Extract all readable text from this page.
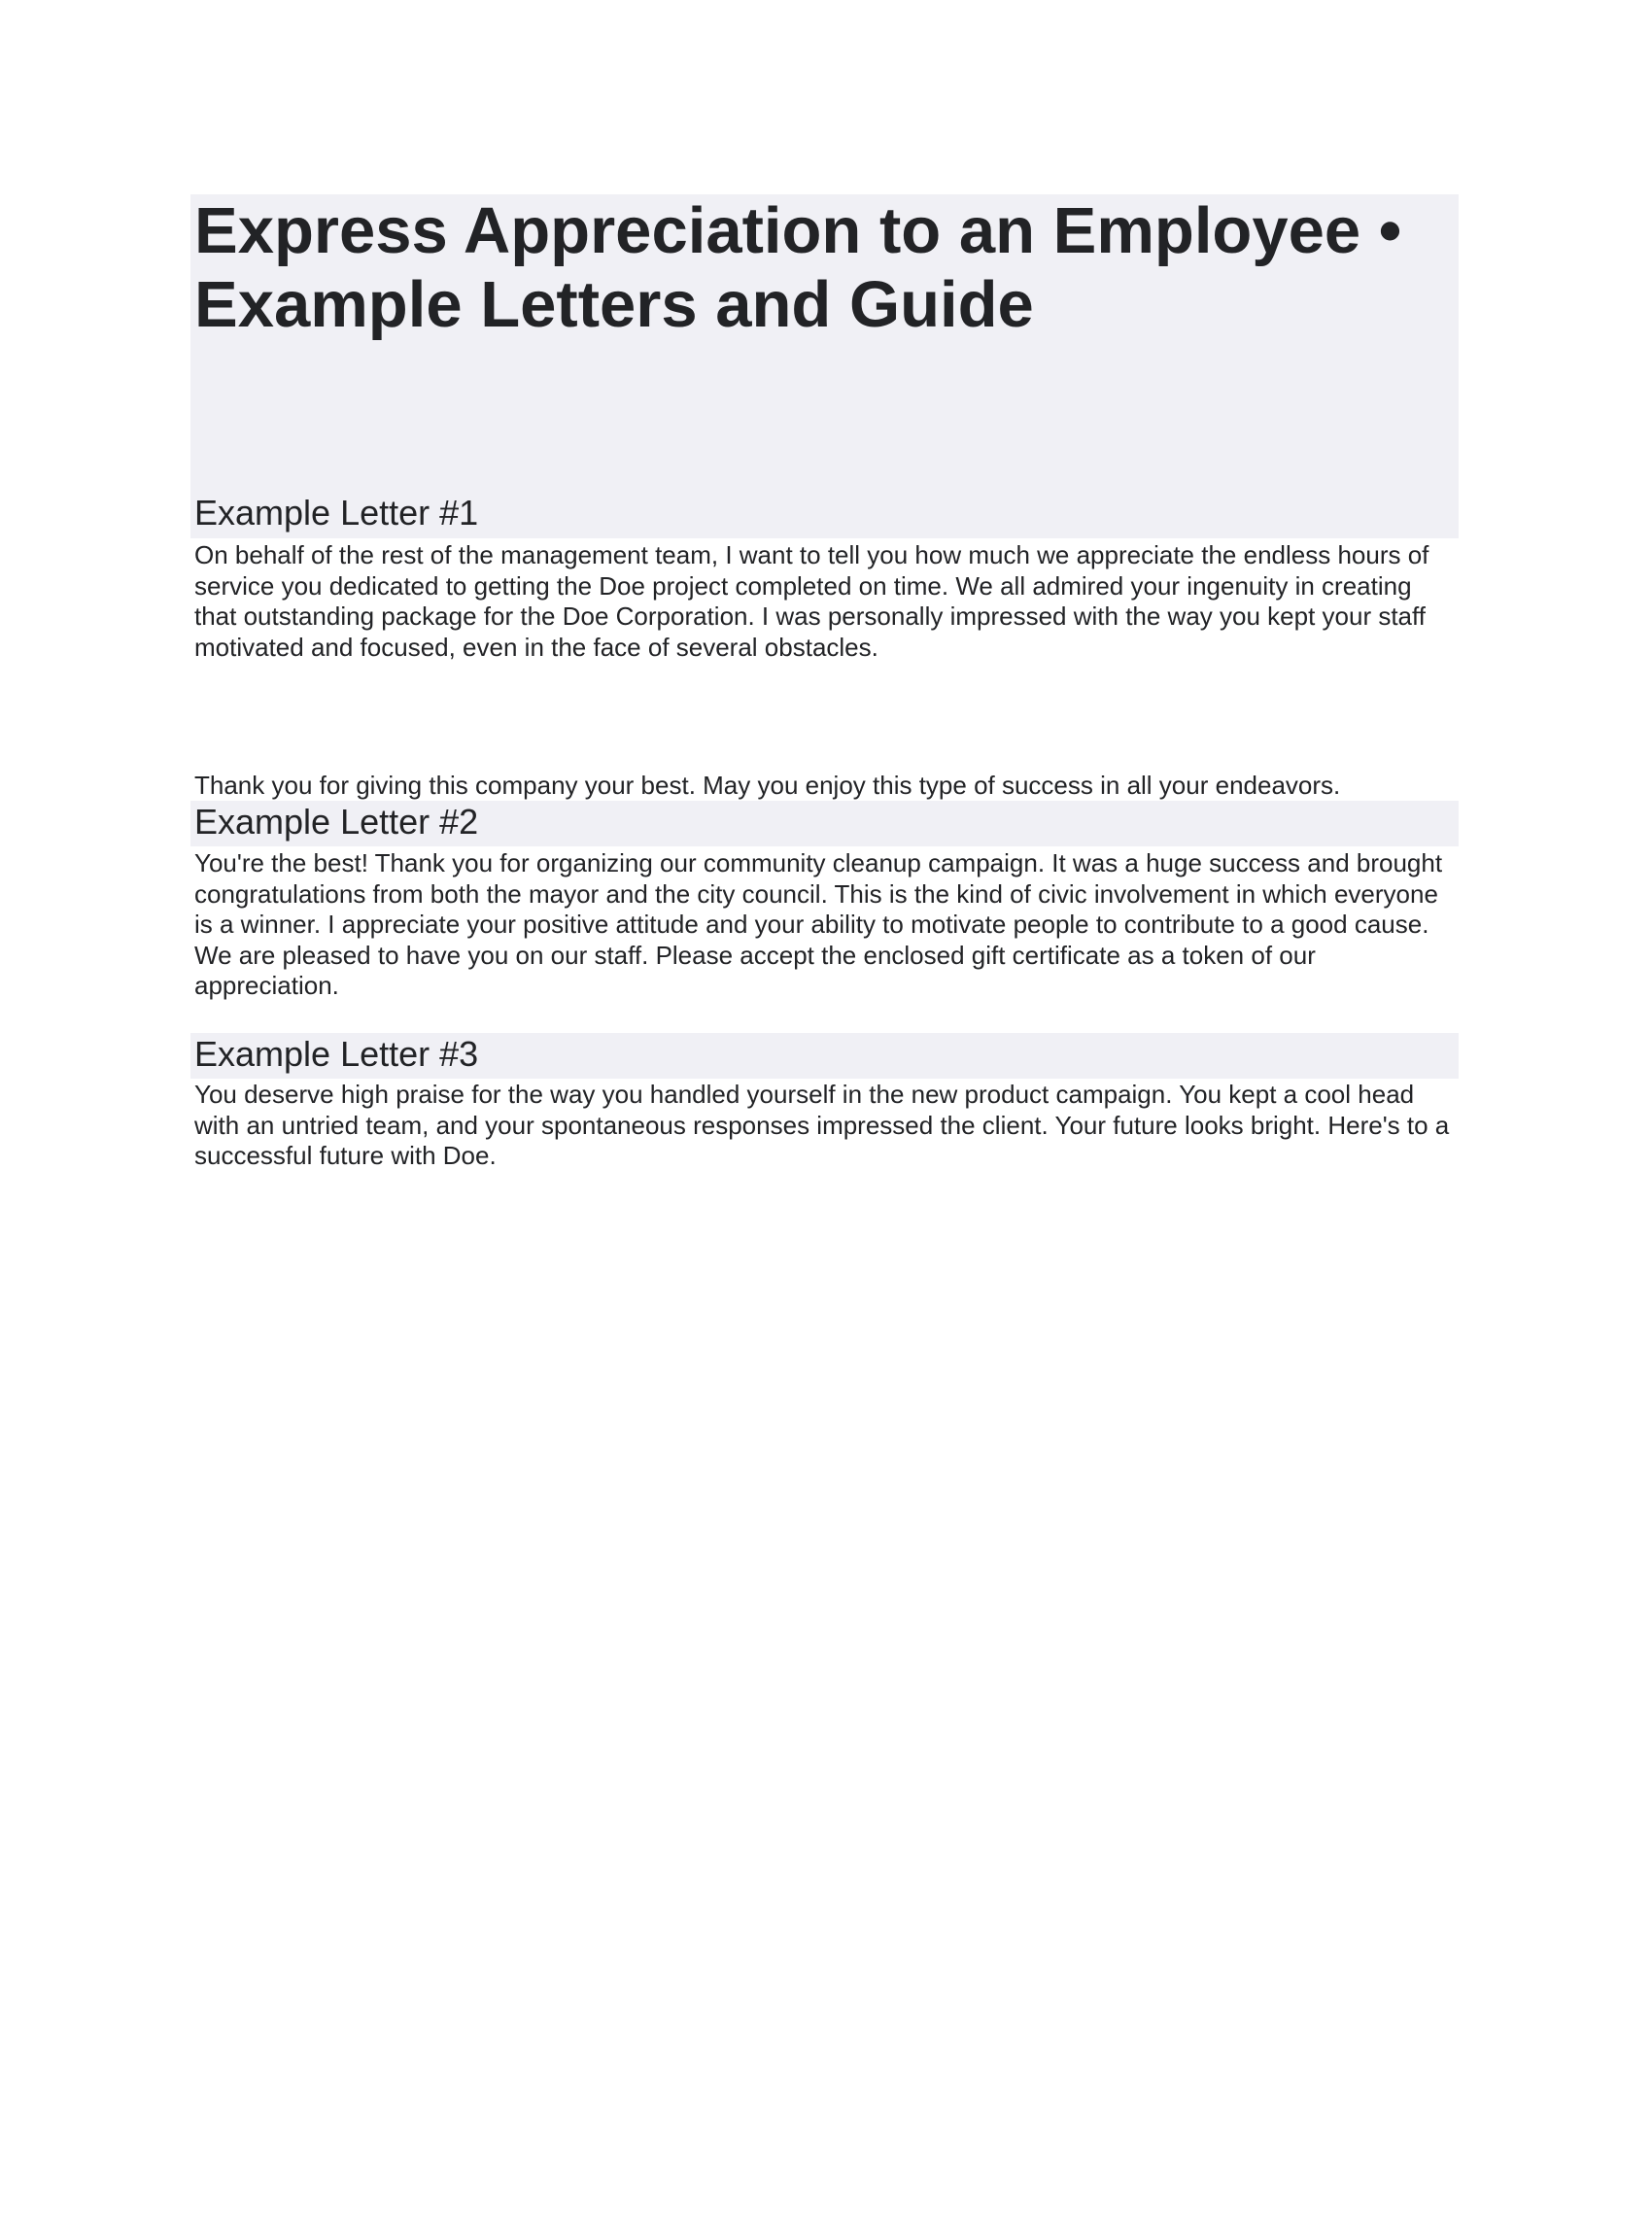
Express Appreciation to an Employee • Example Letters and Guide
Example Letter #1

On behalf of the rest of the management team, I want to tell you how much we appreciate the endless hours of service you dedicated to getting the Doe project completed on time. We all admired your ingenuity in creating that outstanding package for the Doe Corporation. I was personally impressed with the way you kept your staff motivated and focused, even in the face of several obstacles.

Thank you for giving this company your best. May you enjoy this type of success in all your endeavors.

Example Letter #2

You're the best! Thank you for organizing our community cleanup campaign. It was a huge success and brought congratulations from both the mayor and the city council. This is the kind of civic involvement in which everyone is a winner. I appreciate your positive attitude and your ability to motivate people to contribute to a good cause. We are pleased to have you on our staff. Please accept the enclosed gift certificate as a token of our appreciation.

Example Letter #3

You deserve high praise for the way you handled yourself in the new product campaign. You kept a cool head with an untried team, and your spontaneous responses impressed the client. Your future looks bright. Here's to a successful future with Doe.
